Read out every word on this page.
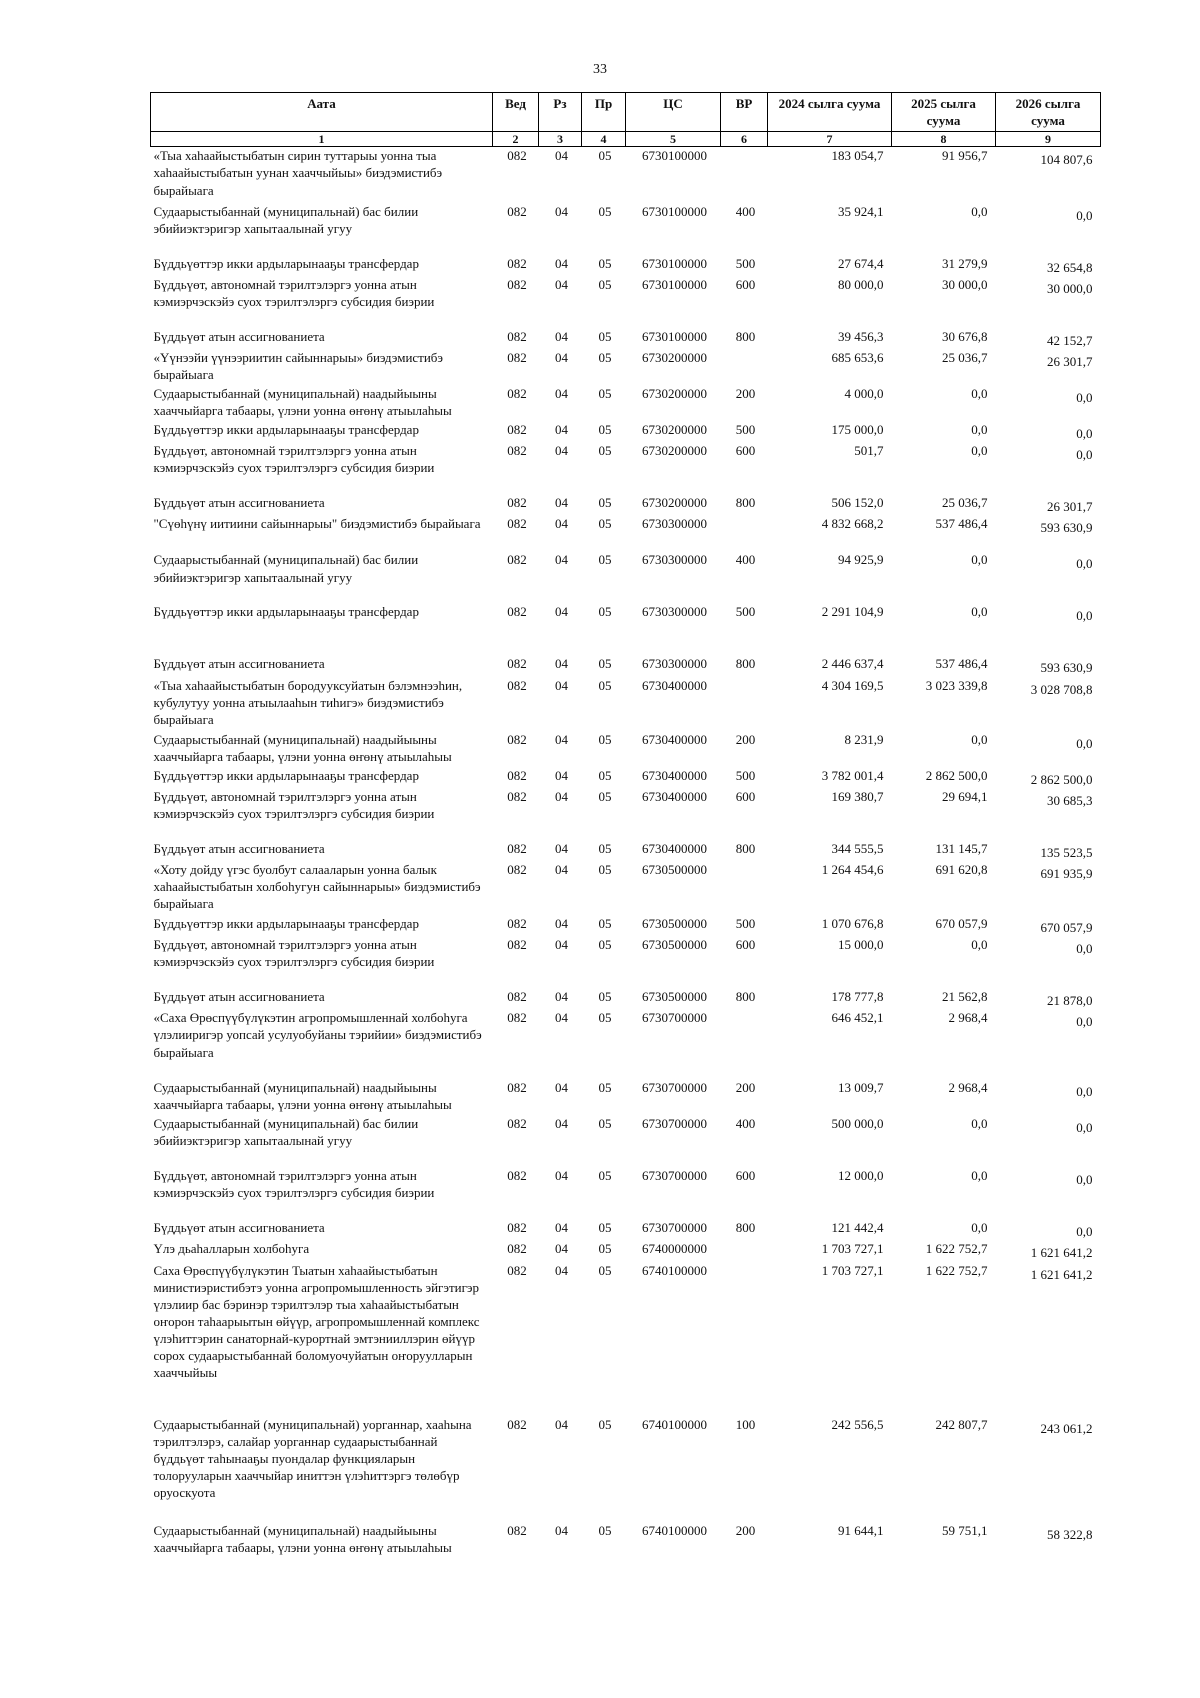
33
Аата	Вед	Рз	Пр	ЦС	ВР	2024 сылга суума	2025 сылга суума	2026 сылга суума
1	2	3	4	5	6	7	8	9
«Тыа хаһаайыстыбатын сирин туттарыы уонна тыа хаһаайыстыбатын уунан хааччыйыы» биэдэмистибэ бырайыага	082	04	05	6730100000		183 054,7	91 956,7	104 807,6
Судаарыстыбаннай (муниципальнай) бас билии эбийиэктэригэр хапытаалынай угуу	082	04	05	6730100000	400	35 924,1	0,0	0,0
Бүддьүөттэр икки ардыларынааҕы трансфердар	082	04	05	6730100000	500	27 674,4	31 279,9	32 654,8
Бүддьүөт, автономнай тэрилтэлэргэ уонна атын кэмиэрчэскэйэ суох тэрилтэлэргэ субсидия биэрии	082	04	05	6730100000	600	80 000,0	30 000,0	30 000,0
Бүддьүөт атын ассигнованиета	082	04	05	6730100000	800	39 456,3	30 676,8	42 152,7
«Үүнээйи үүнээриитин сайыннарыы» биэдэмистибэ бырайыага	082	04	05	6730200000		685 653,6	25 036,7	26 301,7
Судаарыстыбаннай (муниципальнай) наадыйыыны хааччыйарга табаары, үлэни уонна өҥөнү атыылаһыы	082	04	05	6730200000	200	4 000,0	0,0	0,0
Бүддьүөттэр икки ардыларынааҕы трансфердар	082	04	05	6730200000	500	175 000,0	0,0	0,0
Бүддьүөт, автономнай тэрилтэлэргэ уонна атын кэмиэрчэскэйэ суох тэрилтэлэргэ субсидия биэрии	082	04	05	6730200000	600	501,7	0,0	0,0
Бүддьүөт атын ассигнованиета	082	04	05	6730200000	800	506 152,0	25 036,7	26 301,7
"Сүөһүнү иитиини сайыннарыы" биэдэмистибэ бырайыага	082	04	05	6730300000		4 832 668,2	537 486,4	593 630,9
Судаарыстыбаннай (муниципальнай) бас билии эбийиэктэригэр хапытаалынай угуу	082	04	05	6730300000	400	94 925,9	0,0	0,0
Бүддьүөттэр икки ардыларынааҕы трансфердар	082	04	05	6730300000	500	2 291 104,9	0,0	0,0
Бүддьүөт атын ассигнованиета	082	04	05	6730300000	800	2 446 637,4	537 486,4	593 630,9
«Тыа хаһаайыстыбатын бородууксуйатын бэлэмнээһин, кубулутуу уонна атыылааһын тиһигэ» биэдэмистибэ бырайыага	082	04	05	6730400000		4 304 169,5	3 023 339,8	3 028 708,8
Судаарыстыбаннай (муниципальнай) наадыйыыны хааччыйарга табаары, үлэни уонна өҥөнү атыылаһыы	082	04	05	6730400000	200	8 231,9	0,0	0,0
Бүддьүөттэр икки ардыларынааҕы трансфердар	082	04	05	6730400000	500	3 782 001,4	2 862 500,0	2 862 500,0
Бүддьүөт, автономнай тэрилтэлэргэ уонна атын кэмиэрчэскэйэ суох тэрилтэлэргэ субсидия биэрии	082	04	05	6730400000	600	169 380,7	29 694,1	30 685,3
Бүддьүөт атын ассигнованиета	082	04	05	6730400000	800	344 555,5	131 145,7	135 523,5
«Хоту дойду үгэс буолбут салааларын уонна балык хаһаайыстыбатын холбоһугун сайыннарыы» биэдэмистибэ бырайыага	082	04	05	6730500000		1 264 454,6	691 620,8	691 935,9
Бүддьүөттэр икки ардыларынааҕы трансфердар	082	04	05	6730500000	500	1 070 676,8	670 057,9	670 057,9
Бүддьүөт, автономнай тэрилтэлэргэ уонна атын кэмиэрчэскэйэ суох тэрилтэлэргэ субсидия биэрии	082	04	05	6730500000	600	15 000,0	0,0	0,0
Бүддьүөт атын ассигнованиета	082	04	05	6730500000	800	178 777,8	21 562,8	21 878,0
«Саха Өрөспүүбүлүкэтин агропромышленнай холбоһуга үлэлииригэр уопсай усулуобуйаны тэрийии» биэдэмистибэ бырайыага	082	04	05	6730700000		646 452,1	2 968,4	0,0
Судаарыстыбаннай (муниципальнай) наадыйыыны хааччыйарга табаары, үлэни уонна өҥөнү атыылаһыы	082	04	05	6730700000	200	13 009,7	2 968,4	0,0
Судаарыстыбаннай (муниципальнай) бас билии эбийиэктэригэр хапытаалынай угуу	082	04	05	6730700000	400	500 000,0	0,0	0,0
Бүддьүөт, автономнай тэрилтэлэргэ уонна атын кэмиэрчэскэйэ суох тэрилтэлэргэ субсидия биэрии	082	04	05	6730700000	600	12 000,0	0,0	0,0
Бүддьүөт атын ассигнованиета	082	04	05	6730700000	800	121 442,4	0,0	0,0
Үлэ дьаһалларын холбоһуга	082	04	05	6740000000		1 703 727,1	1 622 752,7	1 621 641,2
Саха Өрөспүүбүлүкэтин Тыатын хаһаайыстыбатын министиэристибэтэ уонна агропромышленность эйгэтигэр үлэлиир бас бэринэр тэрилтэлэр тыа хаһаайыстыбатын оҥорон таһаарыытын өйүүр, агропромышленнай комплекс үлэһиттэрин санаторнай-курортнай эмтэнииллэрин өйүүр сорох судаарыстыбаннай боломуочуйатын оҥоруулларын хааччыйыы	082	04	05	6740100000		1 703 727,1	1 622 752,7	1 621 641,2
Судаарыстыбаннай (муниципальнай) уорганнар, хааһына тэрилтэлэрэ, салайар уорганнар судаарыстыбаннай бүддьүөт таһынааҕы пуондалар функцияларын толорууларын хааччыйар иниттэн үлэһиттэргэ төлөбүр оруоскуота	082	04	05	6740100000	100	242 556,5	242 807,7	243 061,2
Судаарыстыбаннай (муниципальнай) наадыйыыны хааччыйарга табаары, үлэни уонна өҥөнү атыылаһыы	082	04	05	6740100000	200	91 644,1	59 751,1	58 322,8
